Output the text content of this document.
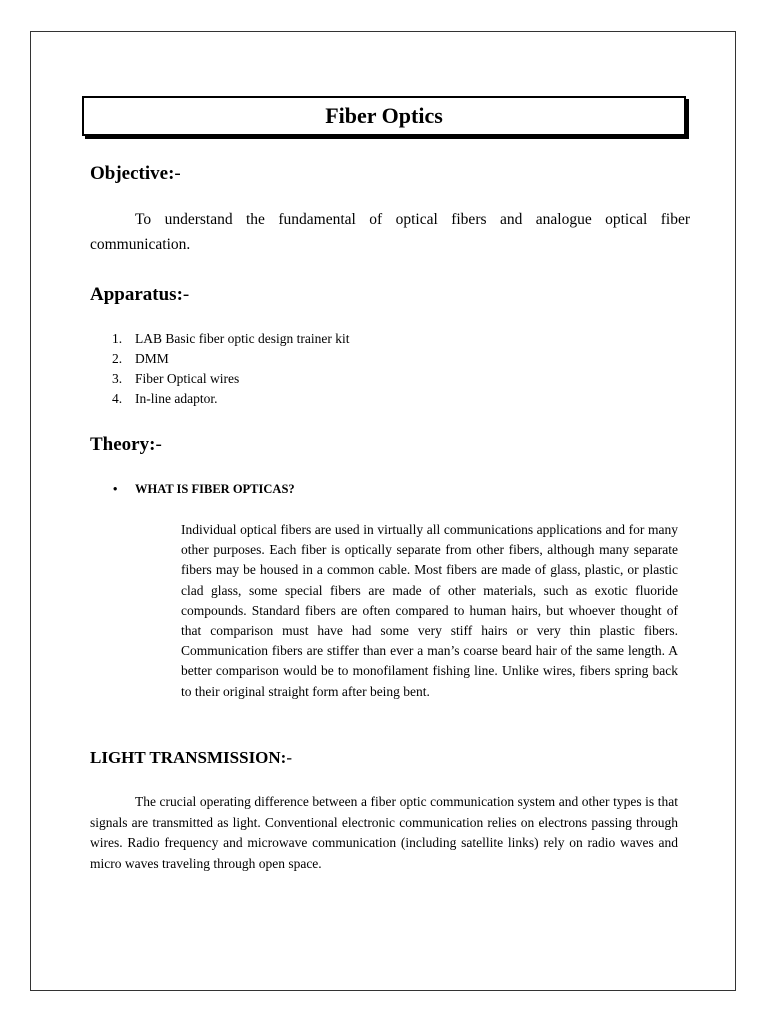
Fiber Optics
Objective:-

To understand the fundamental of optical fibers and analogue optical fiber communication.

Apparatus:-
1. LAB Basic fiber optic design trainer kit
2. DMM
3. Fiber Optical wires
4. In-line adaptor.
Theory:-
• WHAT IS FIBER OPTICAS?

Individual optical fibers are used in virtually all communications applications and for many other purposes. Each fiber is optically separate from other fibers, although many separate fibers may be housed in a common cable. Most fibers are made of glass, plastic, or plastic clad glass, some special fibers are made of other materials, such as exotic fluoride compounds. Standard fibers are often compared to human hairs, but whoever thought of that comparison must have had some very stiff hairs or very thin plastic fibers. Communication fibers are stiffer than ever a man’s coarse beard hair of the same length. A better comparison would be to monofilament fishing line. Unlike wires, fibers spring back to their original straight form after being bent.

LIGHT TRANSMISSION:-

The crucial operating difference between a fiber optic communication system and other types is that signals are transmitted as light. Conventional electronic communication relies on electrons passing through wires. Radio frequency and microwave communication (including satellite links) rely on radio waves and micro waves traveling through open space.
